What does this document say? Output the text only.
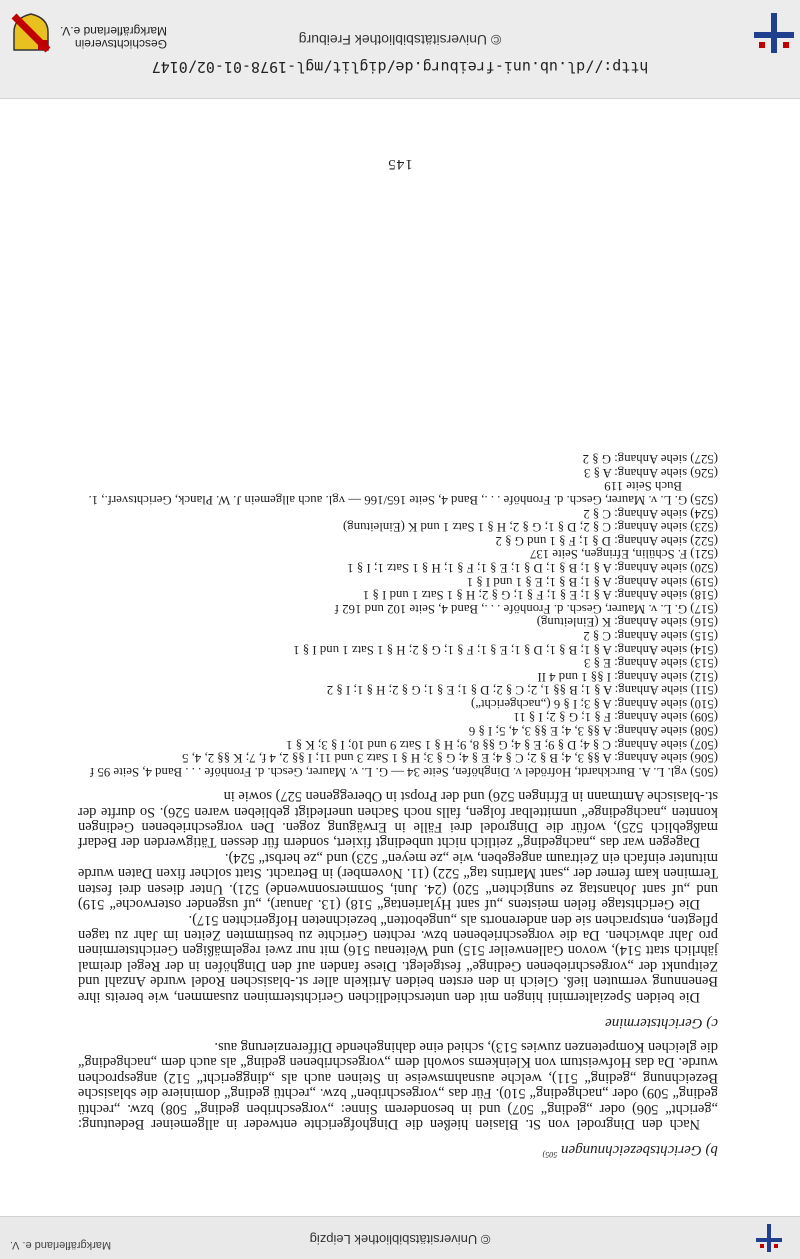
© Universitätsbibliothek Leipzig
Markgräflerland e. V.
b) Gerichtsbezeichnungen $^{505)}$

Nach den Dingrodel von St. Blasien hießen die Dinghofgerichte entweder in allgemeiner Bedeutung: „gericht“ 506) oder „geding“ 507) und in besonderem Sinne: „vorgeschriben geding“ 508) bzw. „rechtü geding“ 509) oder „nachgeding“ 510). Für das „vorgeschriben“ bzw. „rechtü geding“ dominiere die sblasische Bezeichnung „geding“ 511), welche ausnahmsweise in Steinen auch als „dinggericht“ 512) angesprochen wurde. Da das Hofweistum von Kleinkems sowohl dem „vorgeschribenen geding“ als auch dem „nachgeding“ die gleichen Kompetenzen zuwies 513), schied eine dahingehende Differenzierung aus.

c) Gerichtstermine

Die beiden Spezialtermini hingen mit den unterschiedlichen Gerichtsterminen zusammen, wie bereits ihre Benennung vermuten ließ. Gleich in den ersten beiden Artikeln aller st.-blasischen Rodel wurde Anzahl und Zeitpunkt der „vorgeschriebenen Gedinge“ festgelegt. Diese fanden auf den Dinghöfen in der Regel dreimal jährlich statt 514), wovon Gallenweiler 515) und Weitenau 516) mit nur zwei regelmäßigen Gerichtsterminen pro Jahr abwichen. Da die vorgeschriebenen bzw. rechten Gerichte zu bestimmten Zeiten im Jahr zu tagen pflegten, entsprachen sie den anderenorts als „ungebotten“ bezeichneten Hofgerichten 517).

Die Gerichtstage fielen meistens „uf sant Hylarientag“ 518) (13. Januar), „uf usgender osterwoche“ 519) und „uf sant Johanstag ze sungichten“ 520) (24. Juni, Sommersonnwende) 521). Unter diesen drei festen Terminen kam ferner der „sant Martins tag“ 522) (11. November) in Betracht. Statt solcher fixen Daten wurde mitunter einfach ein Zeitraum angegeben, wie „ze meyen“ 523) und „ze herbst“ 524).

Dagegen war das „nachgeding“ zeitlich nicht unbedingt fixiert, sondern für dessen Tätigwerden der Bedarf maßgeblich 525), wofür die Dingrodel drei Fälle in Erwägung zogen. Den vorgeschriebenen Gedingen konnten „nachgedinge“ unmittelbar folgen, falls noch Sachen unerledigt geblieben waren 526). So durfte der st.-blasische Amtmann in Efringen 526) und der Propst in Obereggenen 527) sowie in

(505) vgl. L. A. Burckhardt, Hofrödel v. Dinghöfen, Seite 34 — G. L. v. Maurer, Gesch. d. Fronhöfe . . . Band 4, Seite 95 f
(506) siehe Anhang: A §§ 3, 4; B § 2; C § 4; E § 4; G § 3; H § 1 Satz 3 und 11; I §§ 2, 4 f, 7; K §§ 2, 4, 5
(507) siehe Anhang: C § 4; D § 9; E § 4; G §§ 8, 9; H § 1 Satz 9 und 10; I § 3; K § 1
(508) siehe Anhang: A §§ 3, 4; E §§ 3, 4, 5; I § 6
(509) siehe Anhang: F § 1; G § 2; I § 11
(510) siehe Anhang: A § 3; I § 6 („nachgericht“)
(511) siehe Anhang: A § 1; B §§ 1, 2; C § 2; D § 1; E § 1; G § 2; H § 1; I § 2
(512) siehe Anhang: I §§ 1 und 4 II
(513) siehe Anhang: E § 3
(514) siehe Anhang: A § 1; B § 1; D § 1; E § 1; F § 1; G § 2; H § 1 Satz 1 und I § 1
(515) siehe Anhang: C § 2
(516) siehe Anhang: K (Einleitung)
(517) G. L. v. Maurer, Gesch. d. Fronhöfe . . ., Band 4, Seite 102 und 162 f
(518) siehe Anhang: A § 1; E § 1; F § 1; G § 2; H § 1 Satz 1 und I § 1
(519) siehe Anhang: A § 1; B § 1; E § 1 und I § 1
(520) siehe Anhang: A § 1; B § 1; D § 1; E § 1; F § 1; H § 1 Satz 1; I § 1
(521) F. Schülin, Efringen, Seite 137
(522) siehe Anhang: D § 1; F § 1 und G § 2
(523) siehe Anhang: C § 2; D § 1; G § 2; H § 1 Satz 1 und K (Einleitung)
(524) siehe Anhang: C § 2
(525) G. L. v. Maurer, Gesch. d. Fronhöfe . . ., Band 4, Seite 165/166 — vgl. auch allgemein J. W. Planck, Gerichtsverf., 1. Buch Seite 119
(526) siehe Anhang: A § 3
(527) siehe Anhang: G § 2
145
http://dl.ub.uni-freiburg.de/diglit/mgl-1978-01-02/0147
© Universitätsbibliothek Freiburg
Geschichtsverein
Markgräflerland e.V.
